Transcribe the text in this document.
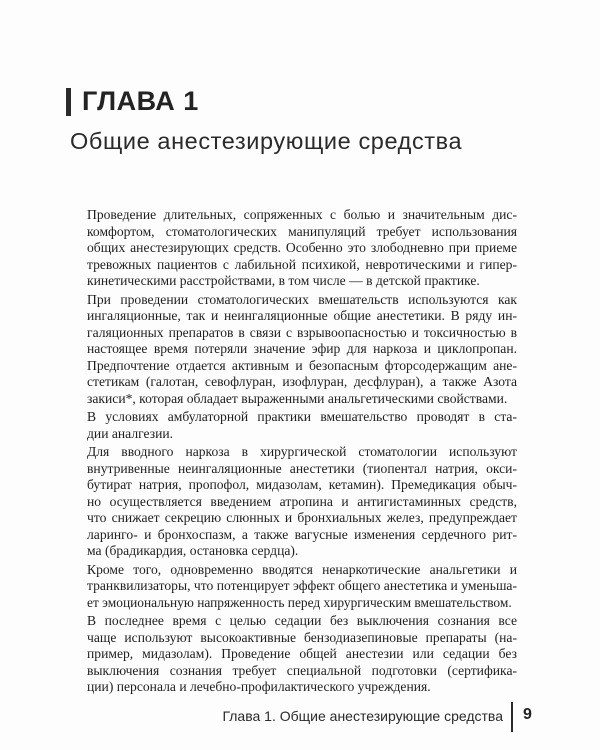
ГЛАВА 1
Общие анестезирующие средства

Проведение длительных, сопряженных с болью и значительным дис-
комфортом, стоматологических манипуляций требует использования
общих анестезирующих средств. Особенно это злободневно при приеме
тревожных пациентов с лабильной психикой, невротическими и гипер-
кинетическими расстройствами, в том числе — в детской практике.

При проведении стоматологических вмешательств используются как
ингаляционные, так и неингаляционные общие анестетики. В ряду ин-
галяционных препаратов в связи с взрывоопасностью и токсичностью в
настоящее время потеряли значение эфир для наркоза и циклопропан.
Предпочтение отдается активным и безопасным фторсодержащим ане-
стетикам (галотан, севофлуран, изофлуран, десфлуран), а также Азота
закиси*, которая обладает выраженными анальгетическими свойствами.

В условиях амбулаторной практики вмешательство проводят в ста-
дии аналгезии.

Для вводного наркоза в хирургической стоматологии используют
внутривенные неингаляционные анестетики (тиопентал натрия, окси-
бутират натрия, пропофол, мидазолам, кетамин). Премедикация обыч-
но осуществляется введением атропина и антигистаминных средств,
что снижает секрецию слюнных и бронхиальных желез, предупреждает
ларинго- и бронхоспазм, а также вагусные изменения сердечного рит-
ма (брадикардия, остановка сердца).

Кроме того, одновременно вводятся ненаркотические анальгетики и
транквилизаторы, что потенцирует эффект общего анестетика и уменьша-
ет эмоциональную напряженность перед хирургическим вмешательством.

В последнее время с целью седации без выключения сознания все
чаще используют высокоактивные бензодиазепиновые препараты (на-
пример, мидазолам). Проведение общей анестезии или седации без
выключения сознания требует специальной подготовки (сертифика-
ции) персонала и лечебно-профилактического учреждения.

Глава 1. Общие анестезирующие средства 9
